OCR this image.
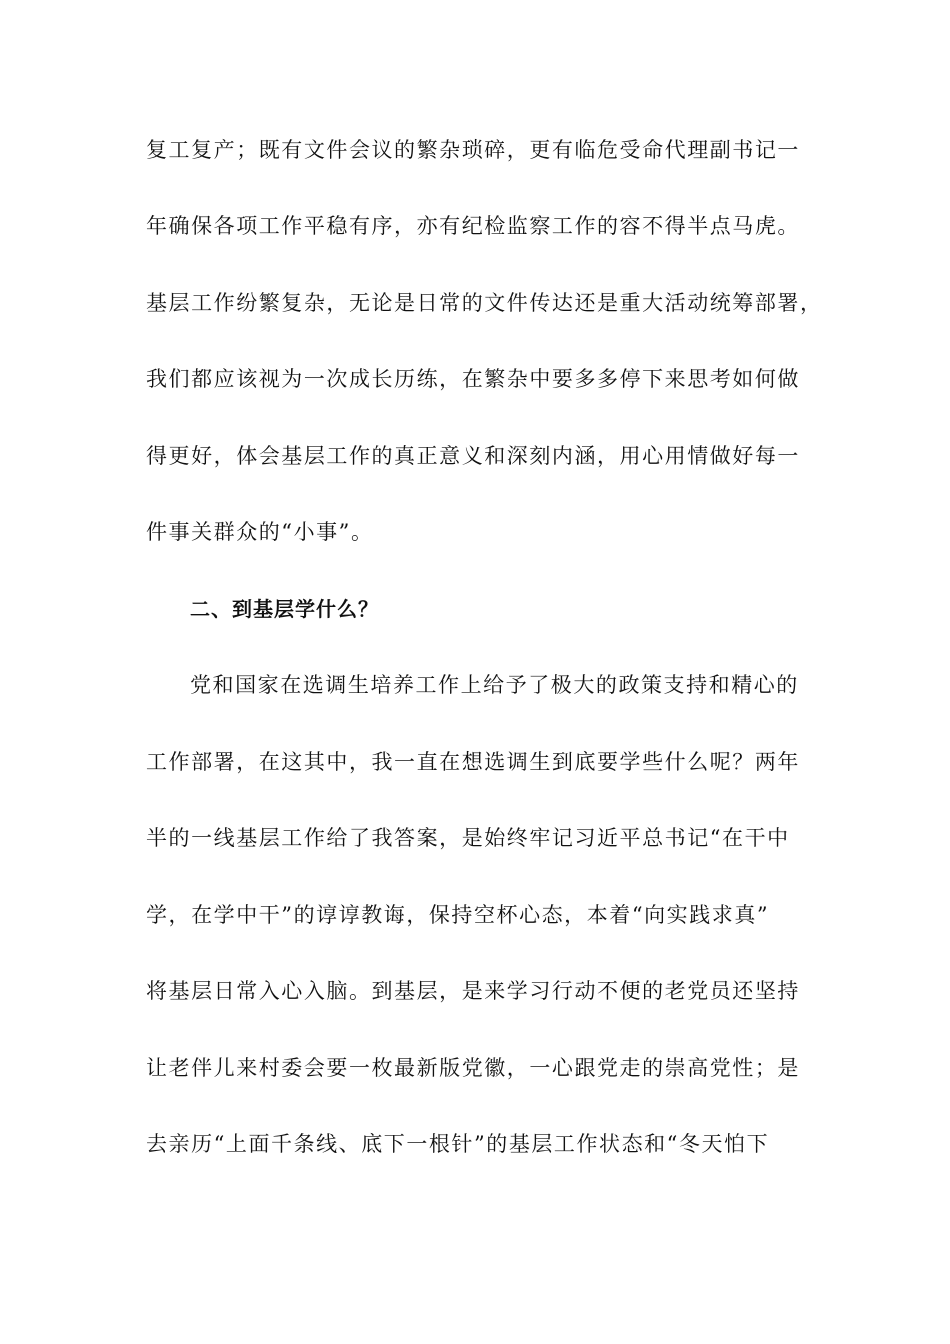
复工复产；既有文件会议的繁杂琐碎，更有临危受命代理副书记一
年确保各项工作平稳有序，亦有纪检监察工作的容不得半点马虎。
基层工作纷繁复杂，无论是日常的文件传达还是重大活动统筹部署，
我们都应该视为一次成长历练，在繁杂中要多多停下来思考如何做
得更好，体会基层工作的真正意义和深刻内涵，用心用情做好每一
件事关群众的“小事”。
二、到基层学什么？
党和国家在选调生培养工作上给予了极大的政策支持和精心的
工作部署，在这其中，我一直在想选调生到底要学些什么呢？两年
半的一线基层工作给了我答案，是始终牢记习近平总书记“在干中
学，在学中干”的谆谆教诲，保持空杯心态，本着“向实践求真”
将基层日常入心入脑。到基层，是来学习行动不便的老党员还坚持
让老伴儿来村委会要一枚最新版党徽，一心跟党走的崇高党性；是
去亲历“上面千条线、底下一根针”的基层工作状态和“冬天怕下
